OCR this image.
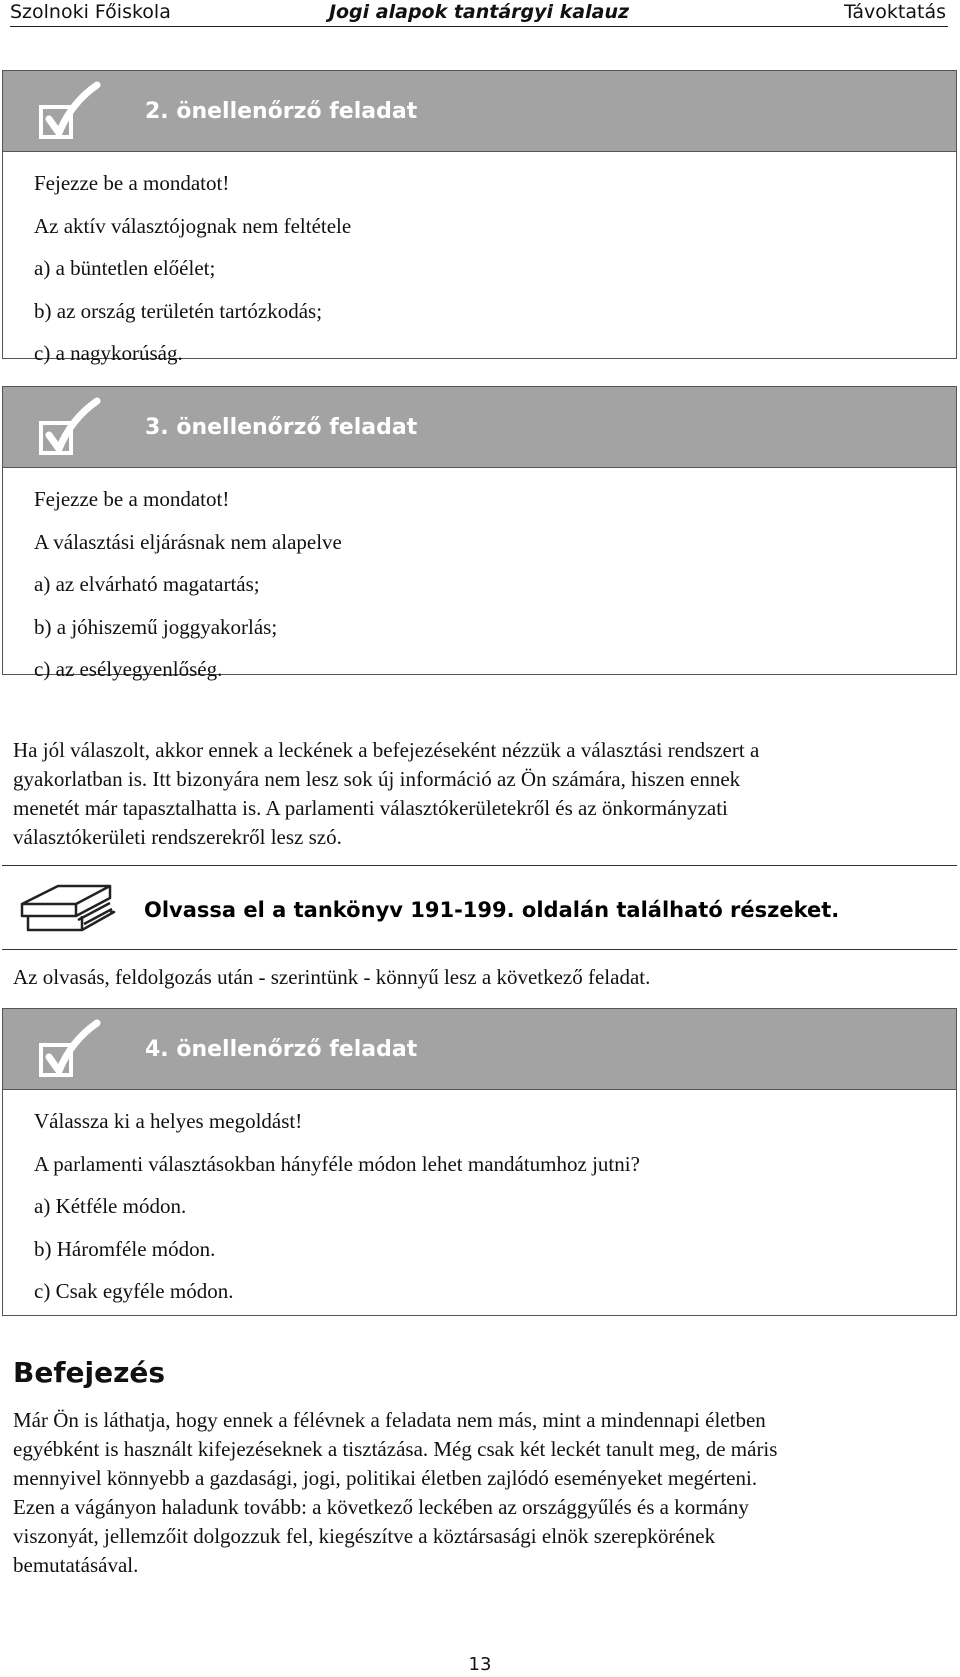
Szolnoki Főiskola	Jogi alapok tantárgyi kalauz	Távoktatás
2. önellenőrző feladat
Fejezze be a mondatot!
Az aktív választójognak nem feltétele
a) a büntetlen előélet;
b) az ország területén tartózkodás;
c) a nagykorúság.
3. önellenőrző feladat
Fejezze be a mondatot!
A választási eljárásnak nem alapelve
a) az elvárható magatartás;
b) a jóhiszemű joggyakorlás;
c) az esélyegyenlőség.
Ha jól válaszolt, akkor ennek a leckének a befejezéseként nézzük a választási rendszert a
gyakorlatban is. Itt bizonyára nem lesz sok új információ az Ön számára, hiszen ennek
menetét már tapasztalhatta is. A parlamenti választókerületekről és az önkormányzati
választókerületi rendszerekről lesz szó.
Olvassa el a tankönyv 191-199. oldalán található részeket.
Az olvasás, feldolgozás után - szerintünk - könnyű lesz a következő feladat.
4. önellenőrző feladat
Válassza ki a helyes megoldást!
A parlamenti választásokban hányféle módon lehet mandátumhoz jutni?
a) Kétféle módon.
b) Háromféle módon.
c) Csak egyféle módon.
Befejezés
Már Ön is láthatja, hogy ennek a félévnek a feladata nem más, mint a mindennapi életben
egyébként is használt kifejezéseknek a tisztázása. Még csak két leckét tanult meg, de máris
mennyivel könnyebb a gazdasági, jogi, politikai életben zajlódó eseményeket megérteni.
Ezen a vágányon haladunk tovább: a következő leckében az országgyűlés és a kormány
viszonyát, jellemzőit dolgozzuk fel, kiegészítve a köztársasági elnök szerepkörének
bemutatásával.
13
